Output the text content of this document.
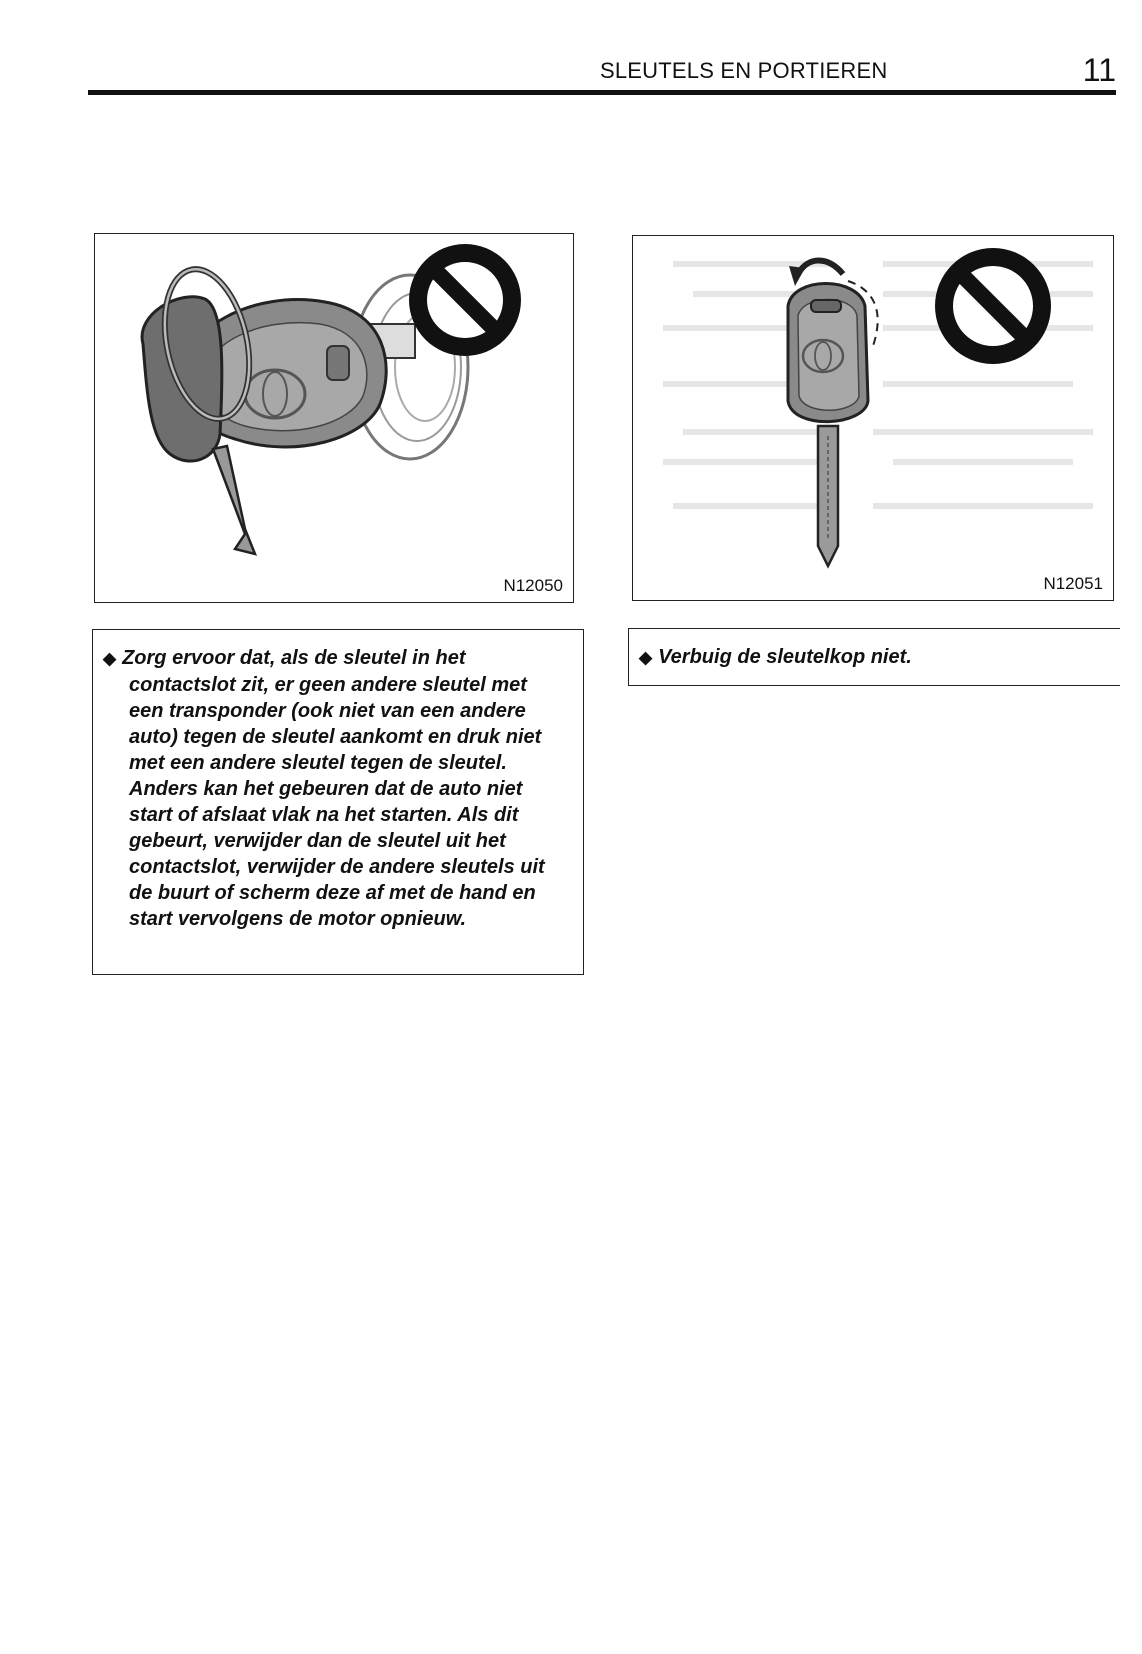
SLEUTELS EN PORTIEREN	11
N12050	N12051

◆ Zorg ervoor dat, als de sleutel in het contactslot zit, er geen andere sleutel met een transponder (ook niet van een andere auto) tegen de sleutel aankomt en druk niet met een andere sleutel tegen de sleutel. Anders kan het gebeuren dat de auto niet start of afslaat vlak na het starten. Als dit gebeurt, verwijder dan de sleutel uit het contactslot, verwijder de andere sleutels uit de buurt of scherm deze af met de hand en start vervolgens de motor opnieuw.

◆ Verbuig de sleutelkop niet.
